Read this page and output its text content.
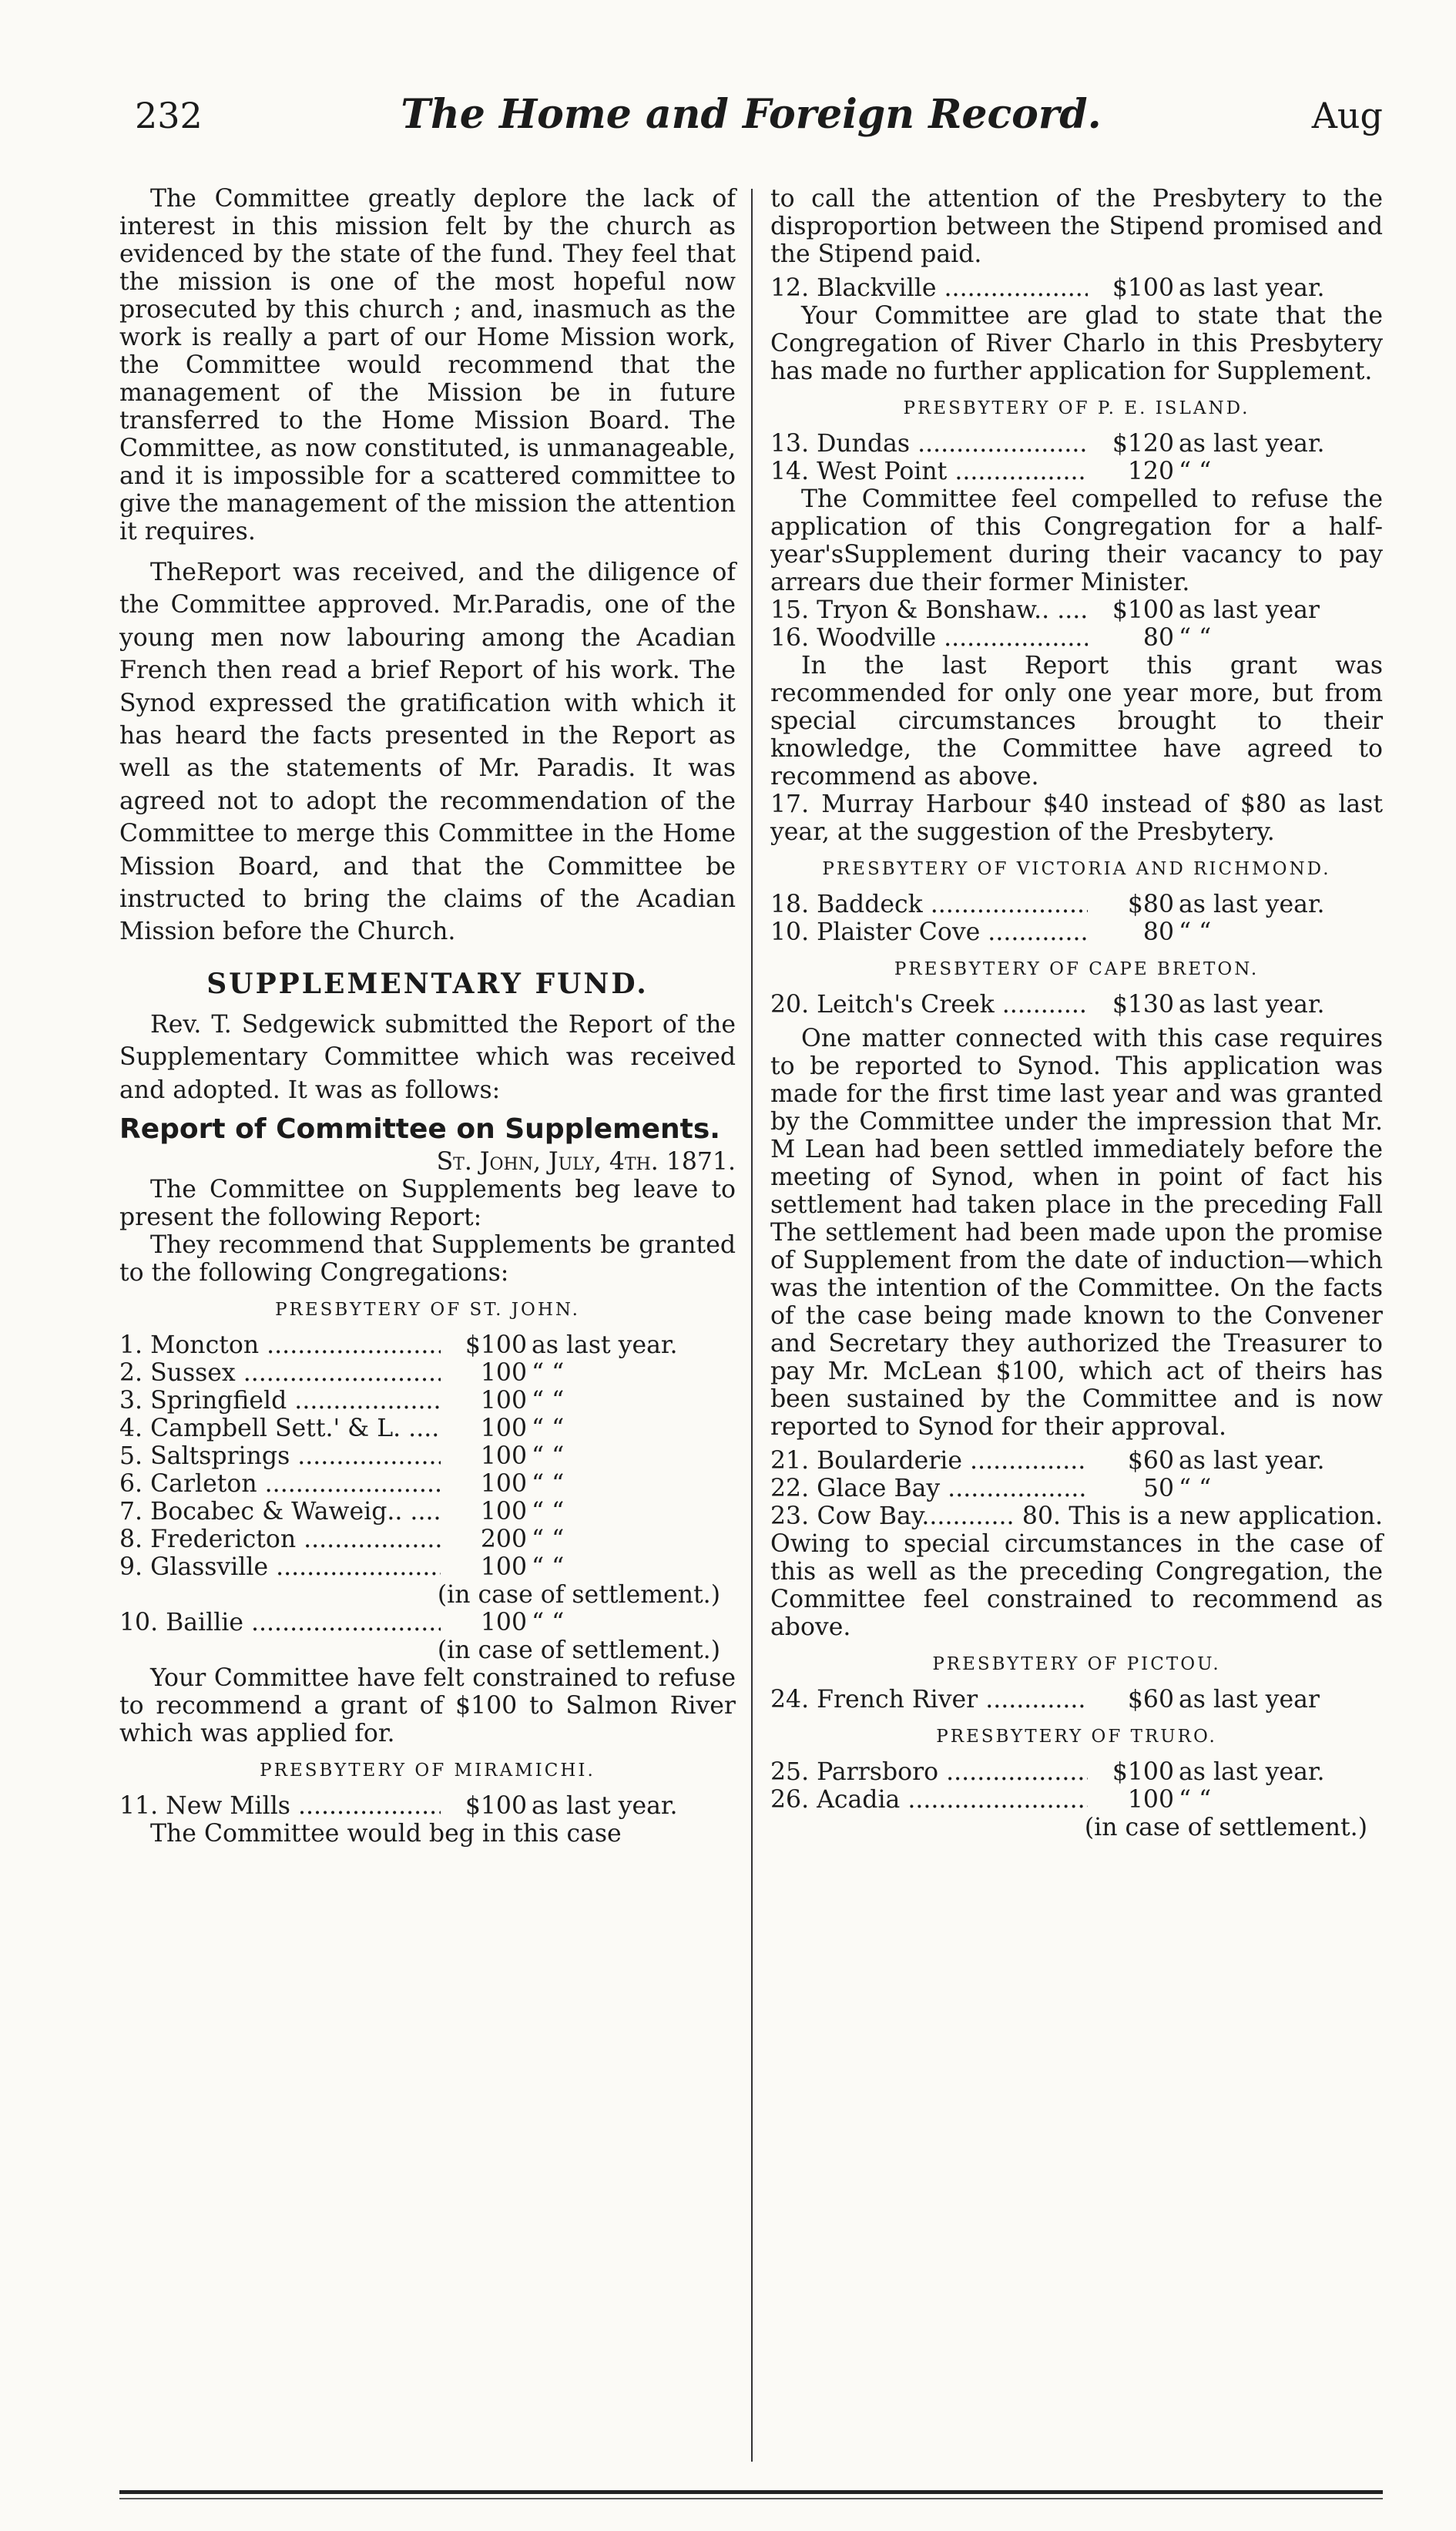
232	The Home and Foreign Record.	Aug

The Committee greatly deplore the lack of interest in this mission felt by the church as evidenced by the state of the fund. They feel that the mission is one of the most hopeful now prosecuted by this church ; and, inasmuch as the work is really a part of our Home Mission work, the Committee would recommend that the management of the Mission be in future transferred to the Home Mission Board. The Committee, as now constituted, is unmanageable, and it is impossible for a scattered committee to give the management of the mission the attention it requires.

TheReport was received, and the diligence of the Committee approved. Mr.Paradis, one of the young men now labouring among the Acadian French then read a brief Report of his work. The Synod expressed the gratification with which it has heard the facts presented in the Report as well as the statements of Mr. Paradis. It was agreed not to adopt the recommendation of the Committee to merge this Committee in the Home Mission Board, and that the Committee be instructed to bring the claims of the Acadian Mission before the Church.

SUPPLEMENTARY FUND.

Rev. T. Sedgewick submitted the Report of the Supplementary Committee which was received and adopted. It was as follows:

Report of Committee on Supplements.
St. John, July, 4th. 1871.

The Committee on Supplements beg leave to present the following Report:

They recommend that Supplements be granted to the following Congregations:

PRESBYTERY OF ST. JOHN.
1. Moncton .....	$100 as last year.
2. Sussex .....	100 “ “
3. Springfield .....	100 “ “
4. Campbell Sett.' & L. .....	100 “ “
5. Saltsprings .....	100 “ “
6. Carleton .....	100 “ “
7. Bocabec & Waweig.. .....	100 “ “
8. Fredericton .....	200 “ “
9. Glassville .....	100 “ “
(in case of settlement.)
10. Baillie .....	100 “ “
(in case of settlement.)

Your Committee have felt constrained to refuse to recommend a grant of $100 to Salmon River which was applied for.

PRESBYTERY OF MIRAMICHI.
11. New Mills .....	$100 as last year.

The Committee would beg in this case

to call the attention of the Presbytery to the disproportion between the Stipend promised and the Stipend paid.

12. Blackville .....	$100 as last year.

Your Committee are glad to state that the Congregation of River Charlo in this Presbytery has made no further application for Supplement.

PRESBYTERY OF P. E. ISLAND.
13. Dundas .....	$120 as last year.
14. West Point .....	120 “ “

The Committee feel compelled to refuse the application of this Congregation for a half-year'sSupplement during their vacancy to pay arrears due their former Minister.

15. Tryon & Bonshaw.. .....	$100 as last year
16. Woodville .....	80 “ “

In the last Report this grant was recommended for only one year more, but from special circumstances brought to their knowledge, the Committee have agreed to recommend as above.

17. Murray Harbour $40 instead of $80 as last year, at the suggestion of the Presbytery.

PRESBYTERY OF VICTORIA AND RICHMOND.
18. Baddeck .....	$80 as last year.
10. Plaister Cove .....	80 “ “
PRESBYTERY OF CAPE BRETON.
20. Leitch's Creek .....	$130 as last year.

One matter connected with this case requires to be reported to Synod. This application was made for the first time last year and was granted by the Committee under the impression that Mr. M Lean had been settled immediately before the meeting of Synod, when in point of fact his settlement had taken place in the preceding Fall The settlement had been made upon the promise of Supplement from the date of induction—which was the intention of the Committee. On the facts of the case being made known to the Convener and Secretary they authorized the Treasurer to pay Mr. McLean $100, which act of theirs has been sustained by the Committee and is now reported to Synod for their approval.

21. Boularderie .....	$60 as last year.
22. Glace Bay .....	50 “ “

23. Cow Bay............ 80. This is a new application. Owing to special circumstances in the case of this as well as the preceding Congregation, the Committee feel constrained to recommend as above.

PRESBYTERY OF PICTOU.
24. French River .....	$60 as last year
PRESBYTERY OF TRURO.
25. Parrsboro .....	$100 as last year.
26. Acadia .....	100 “ “
(in case of settlement.)
